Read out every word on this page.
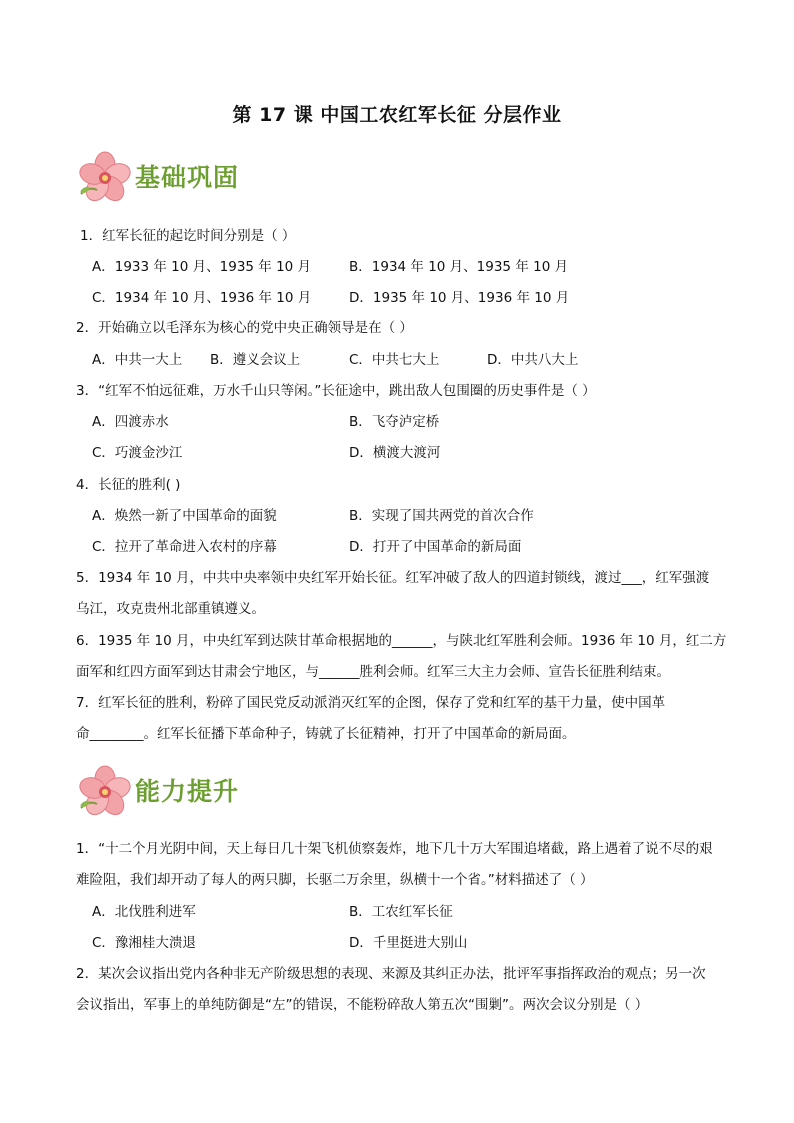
第 17 课 中国工农红军长征 分层作业
基础巩固
1．红军长征的起讫时间分别是（ ）
A．1933 年 10 月、1935 年 10 月	B．1934 年 10 月、1935 年 10 月
C．1934 年 10 月、1936 年 10 月	D．1935 年 10 月、1936 年 10 月
2．开始确立以毛泽东为核心的党中央正确领导是在（ ）
A．中共一大上 B．遵义会议上	C．中共七大上	D．中共八大上
3．“红军不怕远征难，万水千山只等闲。”长征途中，跳出敌人包围圈的历史事件是（ ）
A．四渡赤水	B．飞夺泸定桥
C．巧渡金沙江	D．横渡大渡河
4．长征的胜利( )
A．焕然一新了中国革命的面貌	B．实现了国共两党的首次合作
C．拉开了革命进入农村的序幕	D．打开了中国革命的新局面
5．1934 年 10 月，中共中央率领中央红军开始长征。红军冲破了敌人的四道封锁线，渡过___，红军强渡
乌江，攻克贵州北部重镇遵义。
6．1935 年 10 月，中央红军到达陕甘革命根据地的______，与陕北红军胜利会师。1936 年 10 月，红二方
面军和红四方面军到达甘肃会宁地区，与______胜利会师。红军三大主力会师、宣告长征胜利结束。
7．红军长征的胜利，粉碎了国民党反动派消灭红军的企图，保存了党和红军的基干力量，使中国革
命________。红军长征播下革命种子，铸就了长征精神，打开了中国革命的新局面。
能力提升
1．“十二个月光阴中间，天上每日几十架飞机侦察轰炸，地下几十万大军围追堵截，路上遇着了说不尽的艰
难险阻，我们却开动了每人的两只脚，长驱二万余里，纵横十一个省。”材料描述了（ ）
A．北伐胜利进军	B．工农红军长征
C．豫湘桂大溃退	D．千里挺进大别山
2．某次会议指出党内各种非无产阶级思想的表现、来源及其纠正办法，批评军事指挥政治的观点；另一次
会议指出，军事上的单纯防御是“左”的错误，不能粉碎敌人第五次“围剿”。两次会议分别是（ ）
